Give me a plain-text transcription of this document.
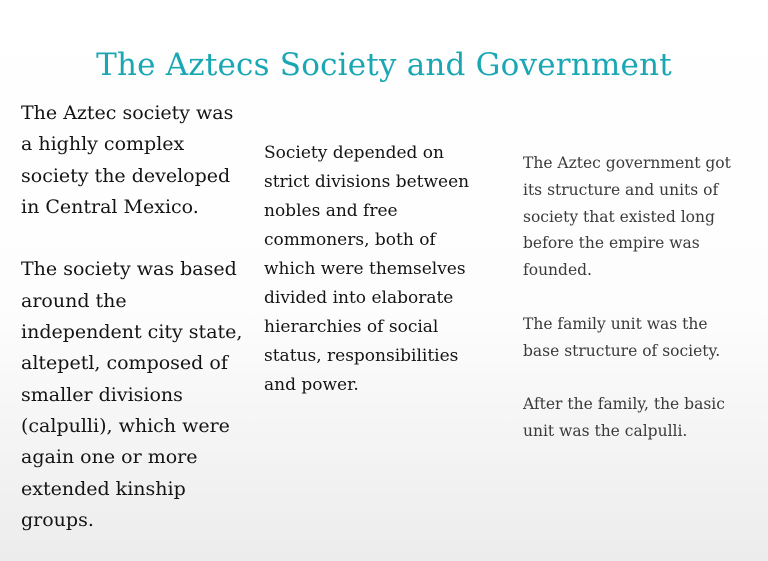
The Aztecs Society and Government
The Aztec society was
a highly complex
society the developed
in Central Mexico.

The society was based
around the
independent city state,
altepetl, composed of
smaller divisions
(calpulli), which were
again one or more
extended kinship
groups.
Society depended on
strict divisions between
nobles and free
commoners, both of
which were themselves
divided into elaborate
hierarchies of social
status, responsibilities
and power.
The Aztec government got
its structure and units of
society that existed long
before the empire was
founded.

The family unit was the
base structure of society.

After the family, the basic
unit was the calpulli.
